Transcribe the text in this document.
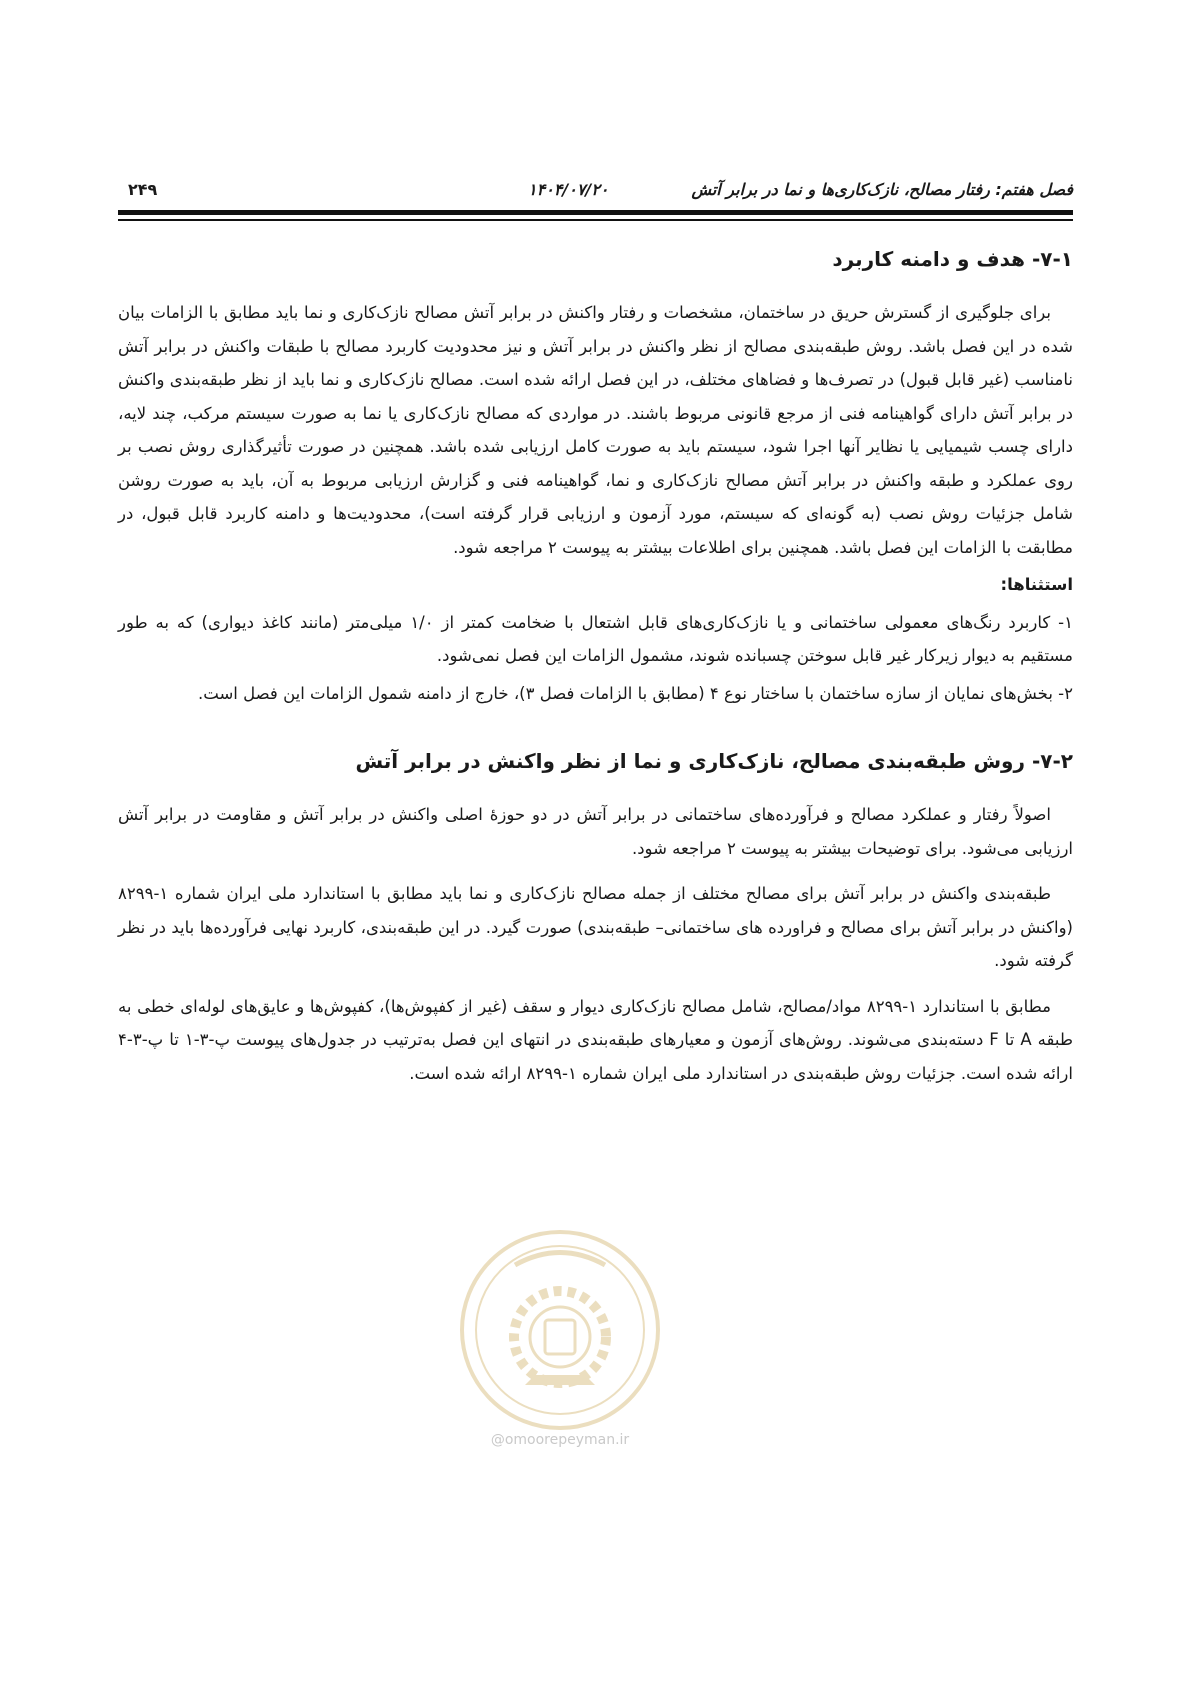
فصل هفتم: رفتار مصالح، نازک‌کاری‌ها و نما در برابر آتش
۱۴۰۴/۰۷/۲۰
۲۴۹
۷-۱- هدف و دامنه کاربرد

برای جلوگیری از گسترش حریق در ساختمان، مشخصات و رفتار واکنش در برابر آتش مصالح نازک‌کاری و نما باید مطابق با الزامات بیان شده در این فصل باشد. روش طبقه‌بندی مصالح از نظر واکنش در برابر آتش و نیز محدودیت کاربرد مصالح با طبقات واکنش در برابر آتش نامناسب (غیر قابل قبول) در تصرف‌ها و فضاهای مختلف، در این فصل ارائه شده است. مصالح نازک‌کاری و نما باید از نظر طبقه‌بندی واکنش در برابر آتش دارای گواهینامه فنی از مرجع قانونی مربوط باشند. در مواردی که مصالح نازک‌کاری یا نما به صورت سیستم مرکب، چند لایه، دارای چسب شیمیایی یا نظایر آنها اجرا شود، سیستم باید به صورت کامل ارزیابی شده باشد. همچنین در صورت تأثیرگذاری روش نصب بر روی عملکرد و طبقه واکنش در برابر آتش مصالح نازک‌کاری و نما، گواهینامه فنی و گزارش ارزیابی مربوط به آن، باید به صورت روشن شامل جزئیات روش نصب (به گونه‌ای که سیستم، مورد آزمون و ارزیابی قرار گرفته است)، محدودیت‌ها و دامنه کاربرد قابل قبول، در مطابقت با الزامات این فصل باشد. همچنین برای اطلاعات بیشتر به پیوست ۲ مراجعه شود.

استثناها:

۱- کاربرد رنگ‌های معمولی ساختمانی و یا نازک‌کاری‌های قابل اشتعال با ضخامت کمتر از ۱/۰ میلی‌متر (مانند کاغذ دیواری) که به طور مستقیم به دیوار زیرکار غیر قابل سوختن چسبانده شوند، مشمول الزامات این فصل نمی‌شود.

۲- بخش‌های نمایان از سازه ساختمان با ساختار نوع ۴ (مطابق با الزامات فصل ۳)، خارج از دامنه شمول الزامات این فصل است.

۷-۲- روش طبقه‌بندی مصالح، نازک‌کاری و نما از نظر واکنش در برابر آتش

اصولاً رفتار و عملکرد مصالح و فرآورده‌های ساختمانی در برابر آتش در دو حوزهٔ اصلی واکنش در برابر آتش و مقاومت در برابر آتش ارزیابی می‌شود. برای توضیحات بیشتر به پیوست ۲ مراجعه شود.

طبقه‌بندی واکنش در برابر آتش برای مصالح مختلف از جمله مصالح نازک‌کاری و نما باید مطابق با استاندارد ملی ایران شماره ۱-۸۲۹۹ (واکنش در برابر آتش برای مصالح و فراورده های ساختمانی– طبقه‌بندی) صورت گیرد. در این طبقه‌بندی، کاربرد نهایی فرآورده‌ها باید در نظر گرفته شود.

مطابق با استاندارد ۱-۸۲۹۹ مواد/مصالح، شامل مصالح نازک‌کاری دیوار و سقف (غیر از کفپوش‌ها)، کفپوش‌ها و عایق‌های لوله‌ای خطی به طبقه A تا F دسته‌بندی می‌شوند. روش‌های آزمون و معیارهای طبقه‌بندی در انتهای این فصل به‌ترتیب در جدول‌های پیوست پ-۳-۱ تا پ-۳-۴ ارائه شده است. جزئیات روش طبقه‌بندی در استاندارد ملی ایران شماره ۱-۸۲۹۹ ارائه شده است.

@omoorepeyman.ir
